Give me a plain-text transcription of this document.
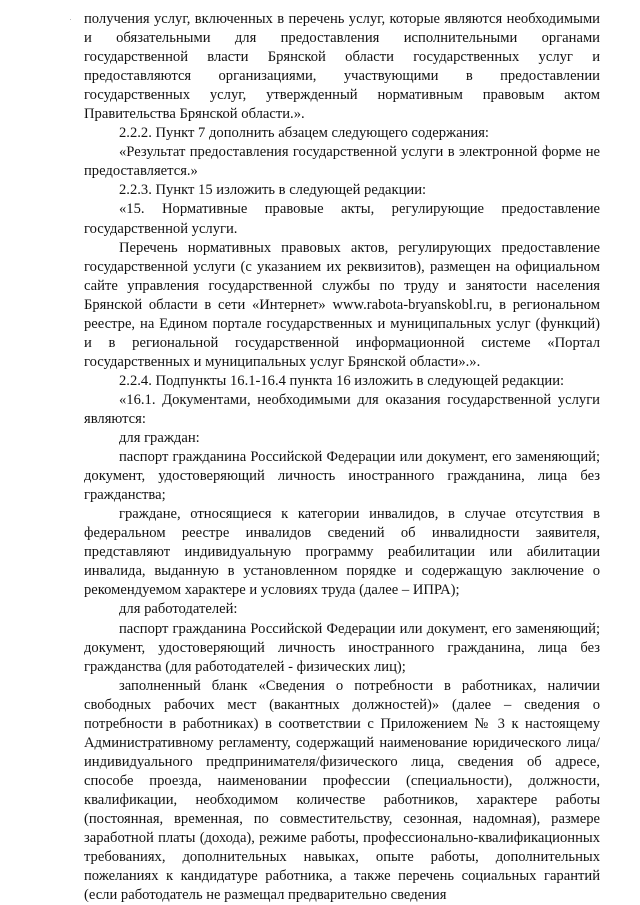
получения услуг, включенных в перечень услуг, которые являются необходимыми и обязательными для предоставления исполнительными органами государственной власти Брянской области государственных услуг и предоставляются организациями, участвующими в предоставлении государственных услуг, утвержденный нормативным правовым актом Правительства Брянской области.».

2.2.2. Пункт 7 дополнить абзацем следующего содержания:

«Результат предоставления государственной услуги в электронной форме не предоставляется.»

2.2.3. Пункт 15 изложить в следующей редакции:

«15. Нормативные правовые акты, регулирующие предоставление государственной услуги.

Перечень нормативных правовых актов, регулирующих предоставление государственной услуги (с указанием их реквизитов), размещен на официальном сайте управления государственной службы по труду и занятости населения Брянской области в сети «Интернет» www.rabota-bryanskobl.ru, в региональном реестре, на Едином портале государственных и муниципальных услуг (функций) и в региональной государственной информационной системе «Портал государственных и муниципальных услуг Брянской области».».

2.2.4. Подпункты 16.1-16.4 пункта 16 изложить в следующей редакции:

«16.1. Документами, необходимыми для оказания государственной услуги являются:

для граждан:

паспорт гражданина Российской Федерации или документ, его заменяющий; документ, удостоверяющий личность иностранного гражданина, лица без гражданства;

граждане, относящиеся к категории инвалидов, в случае отсутствия в федеральном реестре инвалидов сведений об инвалидности заявителя, представляют индивидуальную программу реабилитации или абилитации инвалида, выданную в установленном порядке и содержащую заключение о рекомендуемом характере и условиях труда (далее – ИПРА);

для работодателей:

паспорт гражданина Российской Федерации или документ, его заменяющий; документ, удостоверяющий личность иностранного гражданина, лица без гражданства (для работодателей - физических лиц);

заполненный бланк «Сведения о потребности в работниках, наличии свободных рабочих мест (вакантных должностей)» (далее – сведения о потребности в работниках) в соответствии с Приложением № 3 к настоящему Административному регламенту, содержащий наименование юридического лица/индивидуального предпринимателя/физического лица, сведения об адресе, способе проезда, наименовании профессии (специальности), должности, квалификации, необходимом количестве работников, характере работы (постоянная, временная, по совместительству, сезонная, надомная), размере заработной платы (дохода), режиме работы, профессионально-квалификационных требованиях, дополнительных навыках, опыте работы, дополнительных пожеланиях к кандидатуре работника, а также перечень социальных гарантий (если работодатель не размещал предварительно сведения
